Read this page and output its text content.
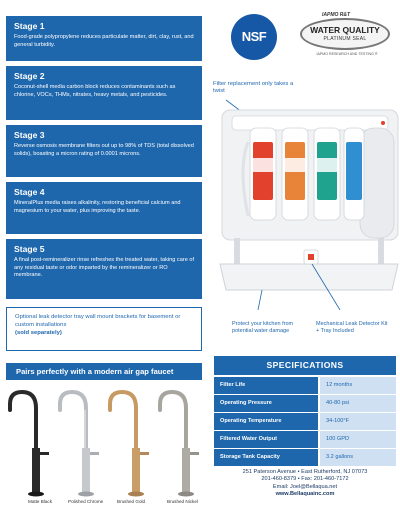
Stage 1
Food-grade polypropylene reduces particulate matter, dirt, clay, rust, and general turbidity.
Stage 2
Coconut-shell media carbon block reduces contaminants such as chlorine, VOCs, THMs, nitrates, heavy metals, and pesticides.
Stage 3
Reverse osmosis membrane filters out up to 98% of TDS (total dissolved solids), boasting a micron rating of 0.0001 microns.
Stage 4
MineralPlus media raises alkalinity, restoring beneficial calcium and magnesium to your water, plus improving the taste.
Stage 5
A final post-remineralizer rinse refreshes the treated water, taking care of any residual taste or odor imparted by the remineralizer or RO membrane.
Optional leak detector tray wall mount brackets for basement or custom installations
(sold separately)
Pairs perfectly with a modern air gap faucet
Matte Black	Polished Chrome	Brushed Gold	Brushed Nickel
NSF
IAPMO R&T
WATER QUALITY
PLATINUM SEAL
IAPMO RESEARCH AND TESTING ®
Filter replacement only takes a twist
Protect your kitchen from potential water damage
Mechanical Leak Detector Kit + Tray Included
SPECIFICATIONS
Filter Life	12 months
Operating Pressure	40-80 psi
Operating Temperature	34-100°F
Filtered Water Output	100 GPD
Storage Tank Capacity	3.2 gallons
251 Paterson Avenue • East Rutherford, NJ 07073
201-460-8379 • Fax: 201-460-7172
Email: Joel@Bellaqua.net
www.Bellaquainc.com
